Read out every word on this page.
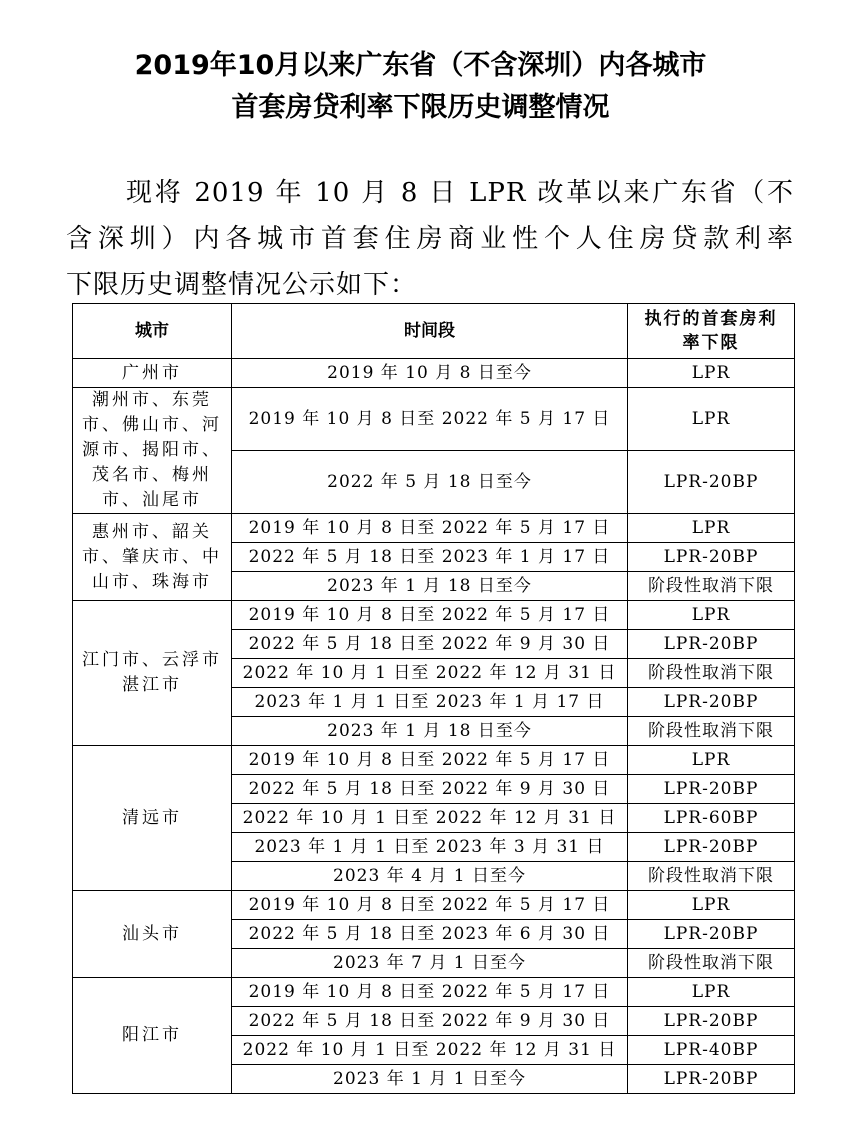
2019年10月以来广东省（不含深圳）内各城市
首套房贷利率下限历史调整情况
现将 2019 年 10 月 8 日 LPR 改革以来广东省（不
含深圳）内各城市首套住房商业性个人住房贷款利率
下限历史调整情况公示如下：
城市	时间段	执行的首套房利率下限
广州市	2019 年 10 月 8 日至今	LPR
潮州市、东莞市、佛山市、河源市、揭阳市、茂名市、梅州市、汕尾市	2019 年 10 月 8 日至 2022 年 5 月 17 日	LPR
	2022 年 5 月 18 日至今	LPR-20BP
惠州市、韶关市、肇庆市、中山市、珠海市	2019 年 10 月 8 日至 2022 年 5 月 17 日	LPR
	2022 年 5 月 18 日至 2023 年 1 月 17 日	LPR-20BP
	2023 年 1 月 18 日至今	阶段性取消下限
江门市、云浮市湛江市	2019 年 10 月 8 日至 2022 年 5 月 17 日	LPR
	2022 年 5 月 18 日至 2022 年 9 月 30 日	LPR-20BP
	2022 年 10 月 1 日至 2022 年 12 月 31 日	阶段性取消下限
	2023 年 1 月 1 日至 2023 年 1 月 17 日	LPR-20BP
	2023 年 1 月 18 日至今	阶段性取消下限
清远市	2019 年 10 月 8 日至 2022 年 5 月 17 日	LPR
	2022 年 5 月 18 日至 2022 年 9 月 30 日	LPR-20BP
	2022 年 10 月 1 日至 2022 年 12 月 31 日	LPR-60BP
	2023 年 1 月 1 日至 2023 年 3 月 31 日	LPR-20BP
	2023 年 4 月 1 日至今	阶段性取消下限
汕头市	2019 年 10 月 8 日至 2022 年 5 月 17 日	LPR
	2022 年 5 月 18 日至 2023 年 6 月 30 日	LPR-20BP
	2023 年 7 月 1 日至今	阶段性取消下限
阳江市	2019 年 10 月 8 日至 2022 年 5 月 17 日	LPR
	2022 年 5 月 18 日至 2022 年 9 月 30 日	LPR-20BP
	2022 年 10 月 1 日至 2022 年 12 月 31 日	LPR-40BP
	2023 年 1 月 1 日至今	LPR-20BP
